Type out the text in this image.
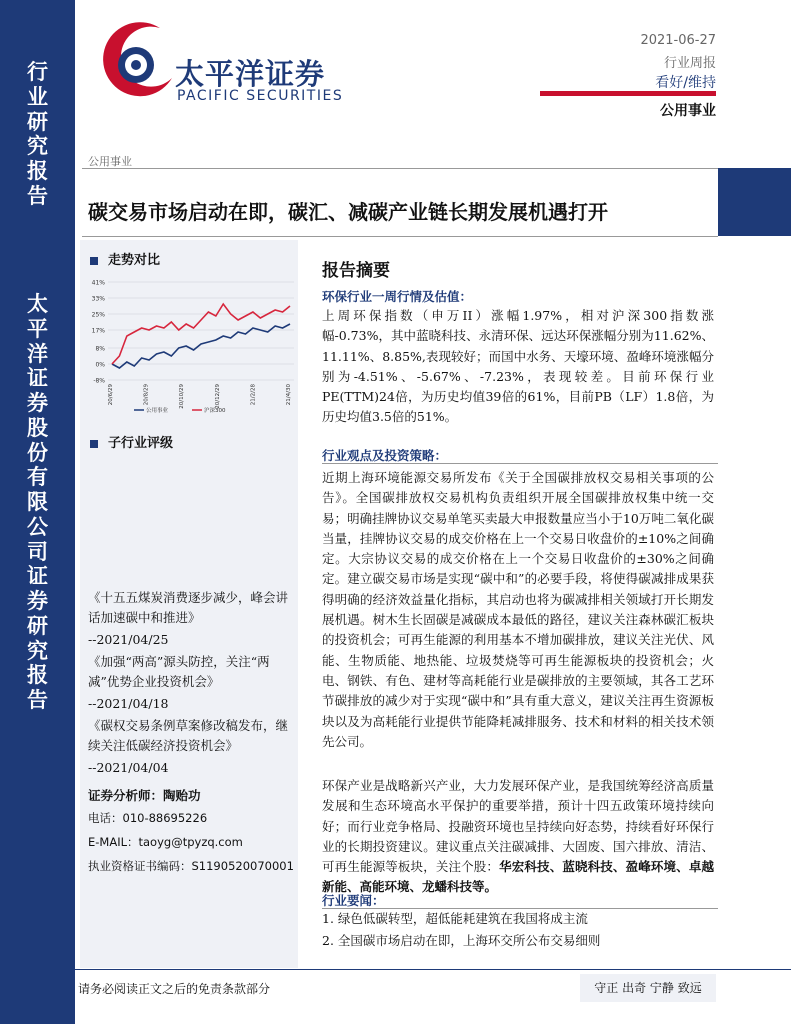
行
业
研
究
报
告
太
平
洋
证
券
股
份
有
限
公
司
证
券
研
究
报
告
太平洋证券
PACIFIC SECURITIES
2021-06-27
行业周报
看好/维持
公用事业
公用事业
碳交易市场启动在即，碳汇、减碳产业链长期发展机遇打开
走势对比
41%
33%
25%
17%
8%
0%
-8%
20/6/29	20/8/29	20/10/29	20/12/29	21/2/28	21/4/30
公用事业	沪深300
子行业评级
《十五五煤炭消费逐步减少，峰会讲话加速碳中和推进》
--2021/04/25
《加强“两高”源头防控，关注“两减”优势企业投资机会》
--2021/04/18
《碳权交易条例草案修改稿发布，继续关注低碳经济投资机会》
--2021/04/04
证券分析师：陶贻功
电话：010-88695226
E-MAIL：taoyg@tpyzq.com
执业资格证书编码：S1190520070001
报告摘要
环保行业一周行情及估值：
上周环保指数（申万II）涨幅1.97%，相对沪深300指数涨幅-0.73%，其中蓝晓科技、永清环保、远达环保涨幅分别为11.62%、11.11%、8.85%,表现较好；而国中水务、天壕环境、盈峰环境涨幅分别为-4.51%、-5.67%、-7.23%，表现较差。目前环保行业PE(TTM)24倍，为历史均值39倍的61%，目前PB（LF）1.8倍，为历史均值3.5倍的51%。
行业观点及投资策略：
近期上海环境能源交易所发布《关于全国碳排放权交易相关事项的公告》。全国碳排放权交易机构负责组织开展全国碳排放权集中统一交易；明确挂牌协议交易单笔买卖最大申报数量应当小于10万吨二氧化碳当量，挂牌协议交易的成交价格在上一个交易日收盘价的±10%之间确定。大宗协议交易的成交价格在上一个交易日收盘价的±30%之间确定。建立碳交易市场是实现“碳中和”的必要手段，将使得碳减排成果获得明确的经济效益量化指标，其启动也将为碳减排相关领域打开长期发展机遇。树木生长固碳是减碳成本最低的路径，建议关注森林碳汇板块的投资机会；可再生能源的利用基本不增加碳排放，建议关注光伏、风能、生物质能、地热能、垃圾焚烧等可再生能源板块的投资机会；火电、钢铁、有色、建材等高耗能行业是碳排放的主要领域，其各工艺环节碳排放的减少对于实现“碳中和”具有重大意义，建议关注再生资源板块以及为高耗能行业提供节能降耗减排服务、技术和材料的相关技术领先公司。
环保产业是战略新兴产业，大力发展环保产业，是我国统筹经济高质量发展和生态环境高水平保护的重要举措，预计十四五政策环境持续向好；而行业竞争格局、投融资环境也呈持续向好态势，持续看好环保行业的长期投资建议。建议重点关注碳减排、大固废、国六排放、清洁、可再生能源等板块，关注个股：华宏科技、蓝晓科技、盈峰环境、卓越新能、高能环境、龙蟠科技等。
行业要闻：
1. 绿色低碳转型，超低能耗建筑在我国将成主流
2. 全国碳市场启动在即，上海环交所公布交易细则
请务必阅读正文之后的免责条款部分	守正 出奇 宁静 致远
